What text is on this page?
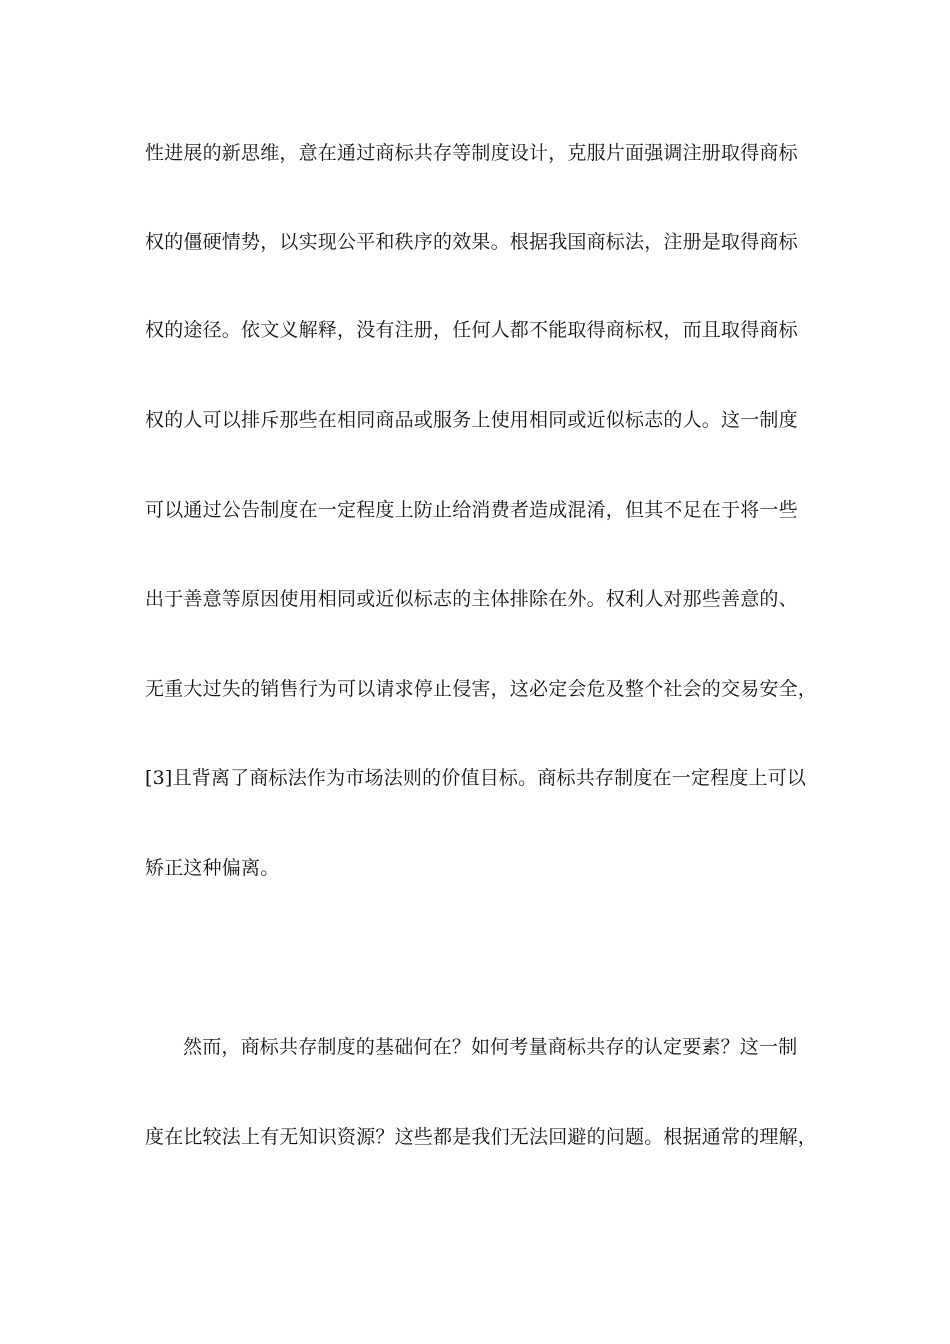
性进展的新思维，意在通过商标共存等制度设计，克服片面强调注册取得商标
权的僵硬情势，以实现公平和秩序的效果。根据我国商标法，注册是取得商标
权的途径。依文义解释，没有注册，任何人都不能取得商标权，而且取得商标
权的人可以排斥那些在相同商品或服务上使用相同或近似标志的人。这一制度
可以通过公告制度在一定程度上防止给消费者造成混淆，但其不足在于将一些
出于善意等原因使用相同或近似标志的主体排除在外。权利人对那些善意的、
无重大过失的销售行为可以请求停止侵害，这必定会危及整个社会的交易安全，
[3]且背离了商标法作为市场法则的价值目标。商标共存制度在一定程度上可以
矫正这种偏离。
然而，商标共存制度的基础何在？如何考量商标共存的认定要素？这一制
度在比较法上有无知识资源？这些都是我们无法回避的问题。根据通常的理解，
